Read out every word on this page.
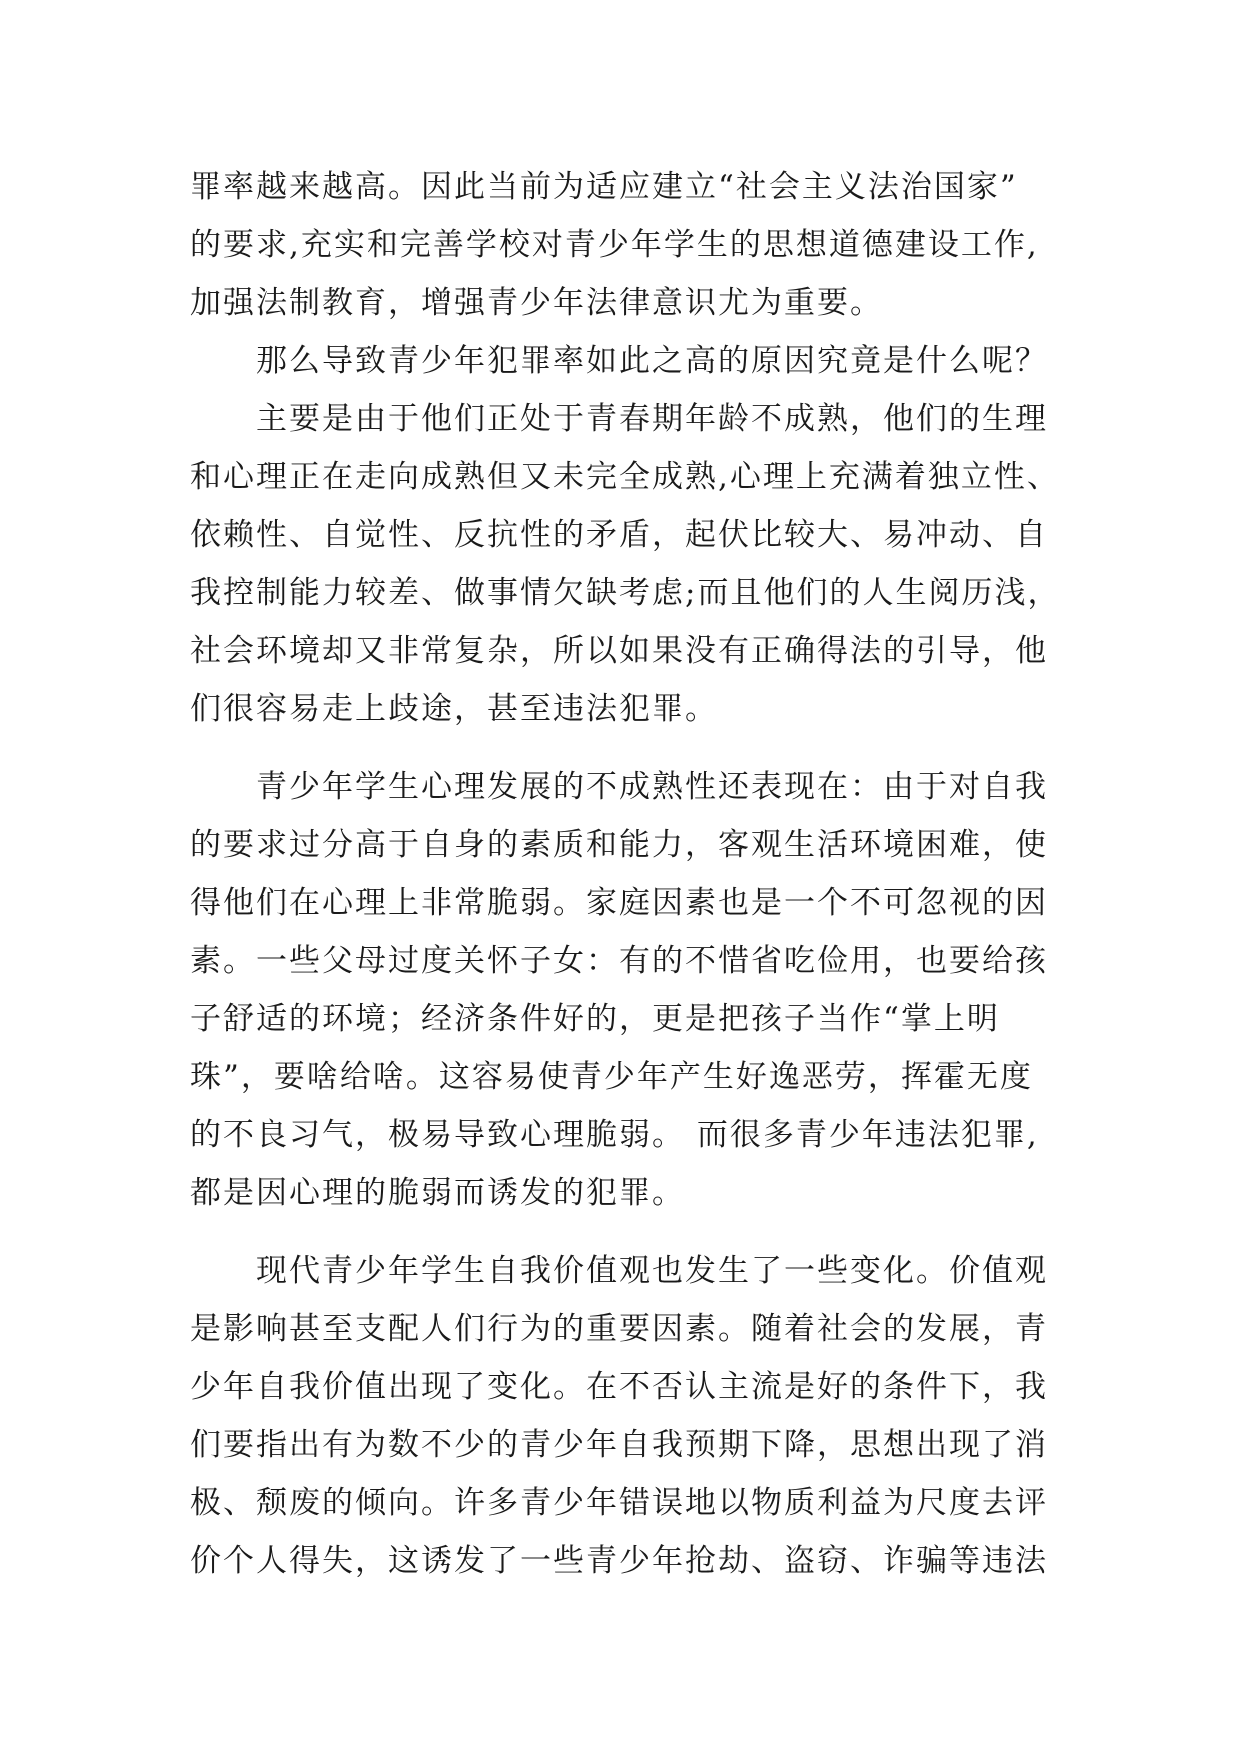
罪率越来越高。因此当前为适应建立“社会主义法治国家”
的要求,充实和完善学校对青少年学生的思想道德建设工作,
加强法制教育，增强青少年法律意识尤为重要。
那么导致青少年犯罪率如此之高的原因究竟是什么呢？
主要是由于他们正处于青春期年龄不成熟，他们的生理
和心理正在走向成熟但又未完全成熟,心理上充满着独立性、
依赖性、自觉性、反抗性的矛盾，起伏比较大、易冲动、自
我控制能力较差、做事情欠缺考虑;而且他们的人生阅历浅，
社会环境却又非常复杂，所以如果没有正确得法的引导，他
们很容易走上歧途，甚至违法犯罪。
青少年学生心理发展的不成熟性还表现在：由于对自我
的要求过分高于自身的素质和能力，客观生活环境困难，使
得他们在心理上非常脆弱。家庭因素也是一个不可忽视的因
素。一些父母过度关怀子女：有的不惜省吃俭用，也要给孩
子舒适的环境；经济条件好的，更是把孩子当作“掌上明
珠”，要啥给啥。这容易使青少年产生好逸恶劳，挥霍无度
的不良习气，极易导致心理脆弱。 而很多青少年违法犯罪,
都是因心理的脆弱而诱发的犯罪。
现代青少年学生自我价值观也发生了一些变化。价值观
是影响甚至支配人们行为的重要因素。随着社会的发展，青
少年自我价值出现了变化。在不否认主流是好的条件下，我
们要指出有为数不少的青少年自我预期下降，思想出现了消
极、颓废的倾向。许多青少年错误地以物质利益为尺度去评
价个人得失，这诱发了一些青少年抢劫、盗窃、诈骗等违法
